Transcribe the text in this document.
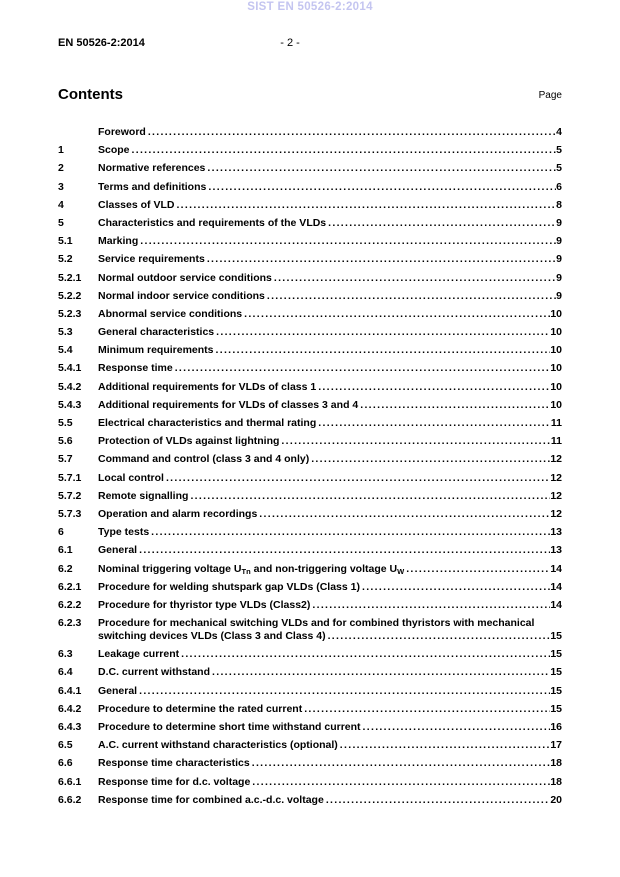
SIST EN 50526-2:2014
EN 50526-2:2014	- 2 -
Contents	Page
Foreword .....	4
1	Scope .....	5
2	Normative references .....	5
3	Terms and definitions .....	6
4	Classes of VLD .....	8
5	Characteristics and requirements of the VLDs .....	9
5.1	Marking .....	9
5.2	Service requirements .....	9
5.2.1	Normal outdoor service conditions .....	9
5.2.2	Normal indoor service conditions .....	9
5.2.3	Abnormal service conditions .....	10
5.3	General characteristics .....	10
5.4	Minimum requirements .....	10
5.4.1	Response time .....	10
5.4.2	Additional requirements for VLDs of class 1 .....	10
5.4.3	Additional requirements for VLDs of classes 3 and 4 .....	10
5.5	Electrical characteristics and thermal rating .....	11
5.6	Protection of VLDs against lightning .....	11
5.7	Command and control (class 3 and 4 only) .....	12
5.7.1	Local control .....	12
5.7.2	Remote signalling .....	12
5.7.3	Operation and alarm recordings .....	12
6	Type tests .....	13
6.1	General .....	13
6.2	Nominal triggering voltage $U_{Tn}$ and non-triggering voltage $U_W$ .....	14
6.2.1	Procedure for welding shutspark gap VLDs (Class 1) .....	14
6.2.2	Procedure for thyristor type VLDs (Class2) .....	14
6.2.3	Procedure for mechanical switching VLDs and for combined thyristors with mechanical
switching devices VLDs (Class 3 and Class 4) .....	15
6.3	Leakage current .....	15
6.4	D.C. current withstand .....	15
6.4.1	General .....	15
6.4.2	Procedure to determine the rated current .....	15
6.4.3	Procedure to determine short time withstand current .....	16
6.5	A.C. current withstand characteristics (optional) .....	17
6.6	Response time characteristics .....	18
6.6.1	Response time for d.c. voltage .....	18
6.6.2	Response time for combined a.c.-d.c. voltage .....	20
